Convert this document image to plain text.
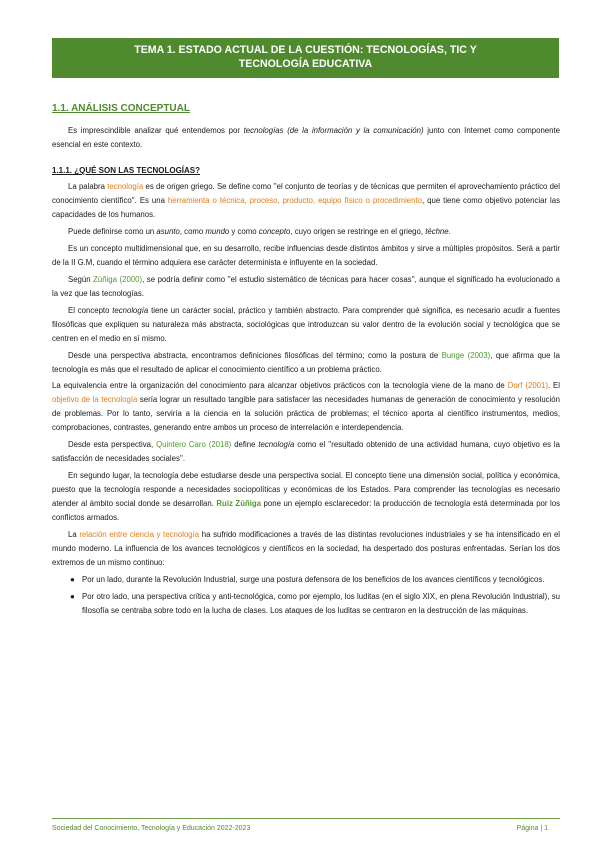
TEMA 1. ESTADO ACTUAL DE LA CUESTIÓN: TECNOLOGÍAS, TIC Y
TECNOLOGÍA EDUCATIVA
1.1. ANÁLISIS CONCEPTUAL

Es imprescindible analizar qué entendemos por tecnologías (de la información y la comunicación) junto con Internet como componente esencial en este contexto.

1.1.1. ¿QUÉ SON LAS TECNOLOGÍAS?

La palabra tecnología es de origen griego. Se define como ''el conjunto de teorías y de técnicas que permiten el aprovechamiento práctico del conocimiento científico''. Es una herramienta o técnica, proceso, producto, equipo físico o procedimiento, que tiene como objetivo potenciar las capacidades de los humanos.

Puede definirse como un asunto, como mundo y como concepto, cuyo origen se restringe en el griego, téchne.

Es un concepto multidimensional que, en su desarrollo, recibe influencias desde distintos ámbitos y sirve a múltiples propósitos. Será a partir de la II G.M, cuando el término adquiera ese carácter determinista e influyente en la sociedad.

Según Zúñiga (2000), se podría definir como ''el estudio sistemático de técnicas para hacer cosas'', aunque el significado ha evolucionado a la vez que las tecnologías.

El concepto tecnología tiene un carácter social, práctico y también abstracto. Para comprender qué significa, es necesario acudir a fuentes filosóficas que expliquen su naturaleza más abstracta, sociológicas que introduzcan su valor dentro de la evolución social y tecnológica que se centren en el medio en sí mismo.

Desde una perspectiva abstracta, encontramos definiciones filosóficas del término; como la postura de Bunge (2003), que afirma que la tecnología es más que el resultado de aplicar el conocimiento científico a un problema práctico.

La equivalencia entre la organización del conocimiento para alcanzar objetivos prácticos con la tecnología viene de la mano de Dorf (2001). El objetivo de la tecnología sería lograr un resultado tangible para satisfacer las necesidades humanas de generación de conocimiento y resolución de problemas. Por lo tanto, serviría a la ciencia en la solución práctica de problemas; el técnico aporta al científico instrumentos, medios, comprobaciones, contrastes, generando entre ambos un proceso de interrelación e interdependencia.

Desde esta perspectiva, Quintero Caro (2018) define tecnología como el ''resultado obtenido de una actividad humana, cuyo objetivo es la satisfacción de necesidades sociales''.

En segundo lugar, la tecnología debe estudiarse desde una perspectiva social. El concepto tiene una dimensión social, política y económica, puesto que la tecnología responde a necesidades sociopolíticas y económicas de los Estados. Para comprender las tecnologías es necesario atender al ámbito social donde se desarrollan. Ruiz Zúñiga pone un ejemplo esclarecedor: la producción de tecnología está determinada por los conflictos armados.

La relación entre ciencia y tecnología ha sufrido modificaciones a través de las distintas revoluciones industriales y se ha intensificado en el mundo moderno. La influencia de los avances tecnológicos y científicos en la sociedad, ha despertado dos posturas enfrentadas. Serían los dos extremos de un mismo continuo:

● Por un lado, durante la Revolución Industrial, surge una postura defensora de los beneficios de los avances científicos y tecnológicos.
● Por otro lado, una perspectiva crítica y anti-tecnológica, como por ejemplo, los luditas (en el siglo XIX, en plena Revolución Industrial), su filosofía se centraba sobre todo en la lucha de clases. Los ataques de los luditas se centraron en la destrucción de las máquinas.
Sociedad del Conocimiento, Tecnología y Educación 2022-2023	Página | 1
